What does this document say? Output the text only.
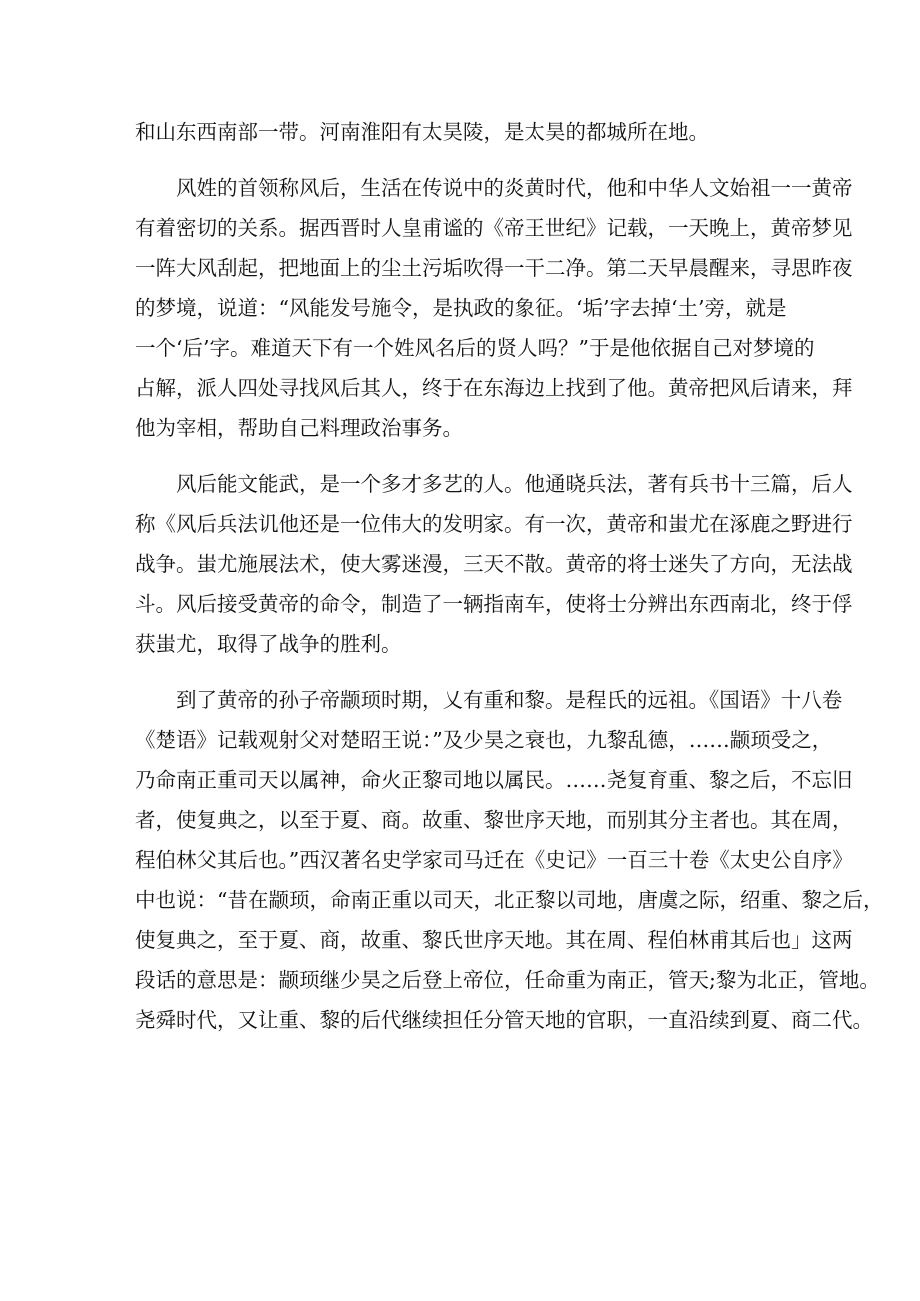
和山东西南部一带。河南淮阳有太昊陵，是太昊的都城所在地。
风姓的首领称风后，生活在传说中的炎黄时代，他和中华人文始祖一一黄帝
有着密切的关系。据西晋时人皇甫谧的《帝王世纪》记载，一天晚上，黄帝梦见
一阵大风刮起，把地面上的尘土污垢吹得一干二净。第二天早晨醒来，寻思昨夜
的梦境，说道：“风能发号施令，是执政的象征。‘垢’字去掉‘土’旁，就是
一个‘后’字。难道天下有一个姓风名后的贤人吗？”于是他依据自己对梦境的
占解，派人四处寻找风后其人，终于在东海边上找到了他。黄帝把风后请来，拜
他为宰相，帮助自己料理政治事务。
风后能文能武，是一个多才多艺的人。他通晓兵法，著有兵书十三篇，后人
称《风后兵法讥他还是一位伟大的发明家。有一次，黄帝和蚩尤在涿鹿之野进行
战争。蚩尤施展法术，使大雾迷漫，三天不散。黄帝的将士迷失了方向，无法战
斗。风后接受黄帝的命令，制造了一辆指南车，使将士分辨出东西南北，终于俘
获蚩尤，取得了战争的胜利。
到了黄帝的孙子帝颛顼时期，乂有重和黎。是程氏的远祖。《国语》十八卷
《楚语》记载观射父对楚昭王说：”及少昊之衰也，九黎乱德，……颛顼受之，
乃命南正重司天以属神，命火正黎司地以属民。……尧复育重、黎之后，不忘旧
者，使复典之，以至于夏、商。故重、黎世序天地，而别其分主者也。其在周，
程伯林父其后也。”西汉著名史学家司马迁在《史记》一百三十卷《太史公自序》
中也说：“昔在颛顼，命南正重以司天，北正黎以司地，唐虞之际，绍重、黎之后，
使复典之，至于夏、商，故重、黎氏世序天地。其在周、程伯林甫其后也」这两
段话的意思是：颛顼继少昊之后登上帝位，任命重为南正，管天;黎为北正，管地。
尧舜时代，又让重、黎的后代继续担任分管天地的官职，一直沿续到夏、商二代。
